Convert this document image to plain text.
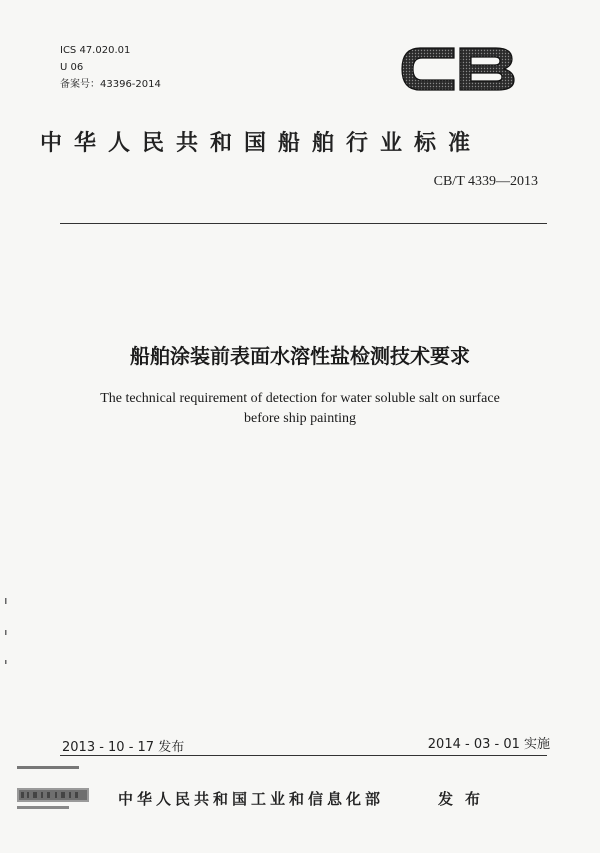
ICS 47.020.01
U 06
备案号：43396-2014
中华人民共和国船舶行业标准
CB/T 4339—2013
船舶涂装前表面水溶性盐检测技术要求
The technical requirement of detection for water soluble salt on surface
before ship painting
2013 - 10 - 17 发布	2014 - 03 - 01 实施
中华人民共和国工业和信息化部	发布
